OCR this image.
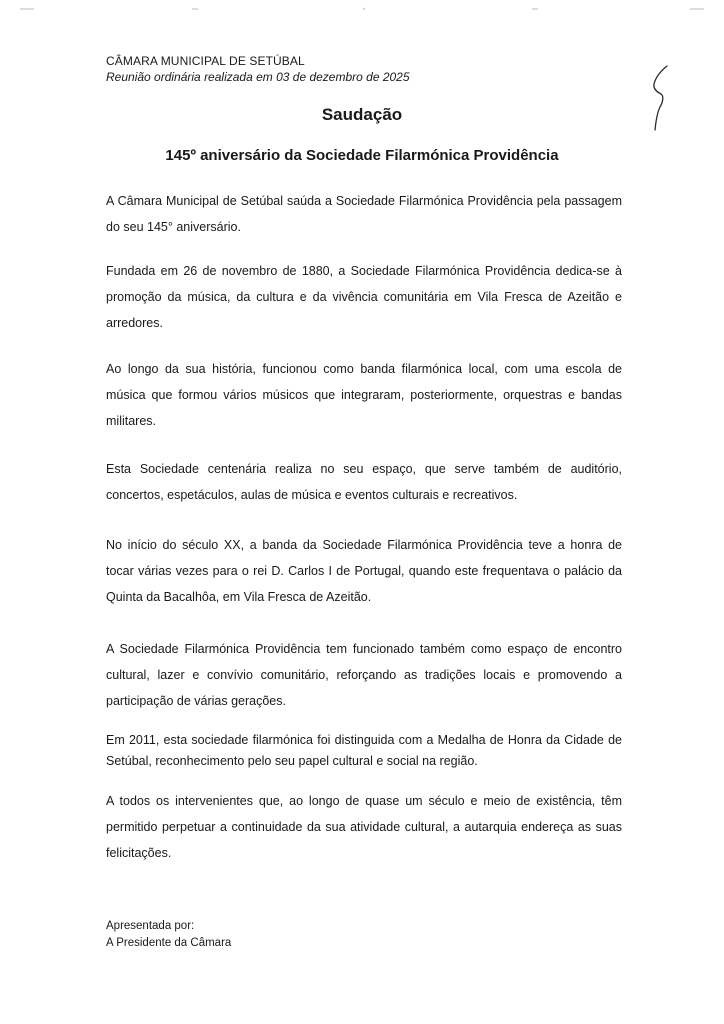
CÂMARA MUNICIPAL DE SETÚBAL
Reunião ordinária realizada em 03 de dezembro de 2025
Saudação
145º aniversário da Sociedade Filarmónica Providência

A Câmara Municipal de Setúbal saúda a Sociedade Filarmónica Providência pela passagem do seu 145° aniversário.

Fundada em 26 de novembro de 1880, a Sociedade Filarmónica Providência dedica-se à promoção da música, da cultura e da vivência comunitária em Vila Fresca de Azeitão e arredores.

Ao longo da sua história, funcionou como banda filarmónica local, com uma escola de música que formou vários músicos que integraram, posteriormente, orquestras e bandas militares.

Esta Sociedade centenária realiza no seu espaço, que serve também de auditório, concertos, espetáculos, aulas de música e eventos culturais e recreativos.

No início do século XX, a banda da Sociedade Filarmónica Providência teve a honra de tocar várias vezes para o rei D. Carlos I de Portugal, quando este frequentava o palácio da Quinta da Bacalhôa, em Vila Fresca de Azeitão.

A Sociedade Filarmónica Providência tem funcionado também como espaço de encontro cultural, lazer e convívio comunitário, reforçando as tradições locais e promovendo a participação de várias gerações.

Em 2011, esta sociedade filarmónica foi distinguida com a Medalha de Honra da Cidade de Setúbal, reconhecimento pelo seu papel cultural e social na região.

A todos os intervenientes que, ao longo de quase um século e meio de existência, têm permitido perpetuar a continuidade da sua atividade cultural, a autarquia endereça as suas felicitações.

Apresentada por:
A Presidente da Câmara
